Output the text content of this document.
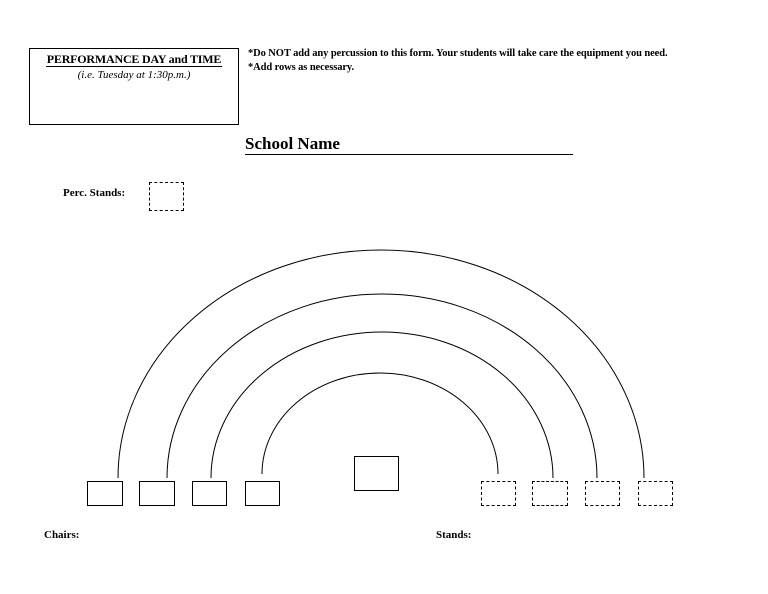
PERFORMANCE DAY and TIME
(i.e. Tuesday at 1:30p.m.)
*Do NOT add any percussion to this form. Your students will take care the equipment you need.
*Add rows as necessary.
School Name
Perc. Stands:
Chairs:	Stands:
